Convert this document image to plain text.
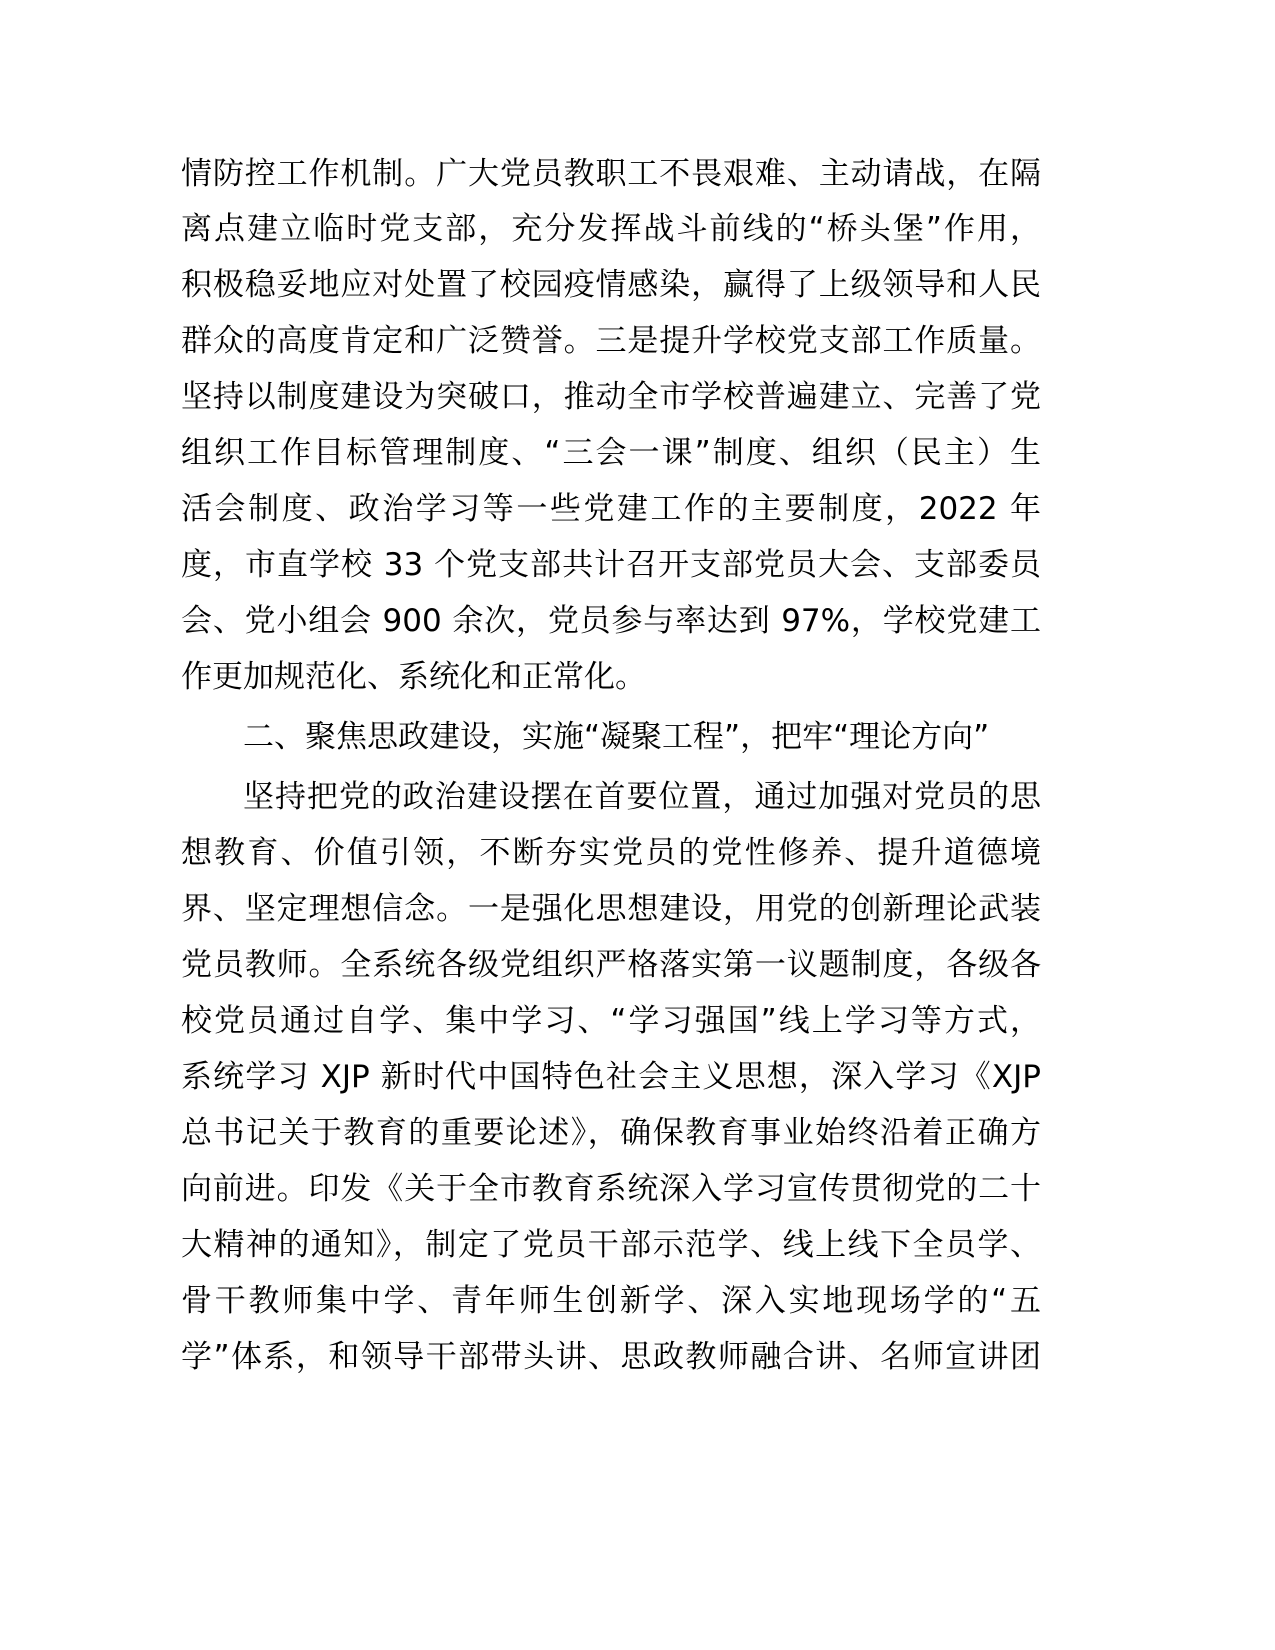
情防控工作机制。广大党员教职工不畏艰难、主动请战，在隔
离点建立临时党支部，充分发挥战斗前线的“桥头堡”作用，
积极稳妥地应对处置了校园疫情感染，赢得了上级领导和人民
群众的高度肯定和广泛赞誉。三是提升学校党支部工作质量。
坚持以制度建设为突破口，推动全市学校普遍建立、完善了党
组织工作目标管理制度、“三会一课”制度、组织（民主）生
活会制度、政治学习等一些党建工作的主要制度，2022 年
度，市直学校 33 个党支部共计召开支部党员大会、支部委员
会、党小组会 900 余次，党员参与率达到 97%，学校党建工
作更加规范化、系统化和正常化。
二、聚焦思政建设，实施“凝聚工程”，把牢“理论方向”
坚持把党的政治建设摆在首要位置，通过加强对党员的思
想教育、价值引领，不断夯实党员的党性修养、提升道德境
界、坚定理想信念。一是强化思想建设，用党的创新理论武装
党员教师。全系统各级党组织严格落实第一议题制度，各级各
校党员通过自学、集中学习、“学习强国”线上学习等方式，
系统学习 XJP 新时代中国特色社会主义思想，深入学习《XJP
总书记关于教育的重要论述》，确保教育事业始终沿着正确方
向前进。印发《关于全市教育系统深入学习宣传贯彻党的二十
大精神的通知》，制定了党员干部示范学、线上线下全员学、
骨干教师集中学、青年师生创新学、深入实地现场学的“五
学”体系，和领导干部带头讲、思政教师融合讲、名师宣讲团
